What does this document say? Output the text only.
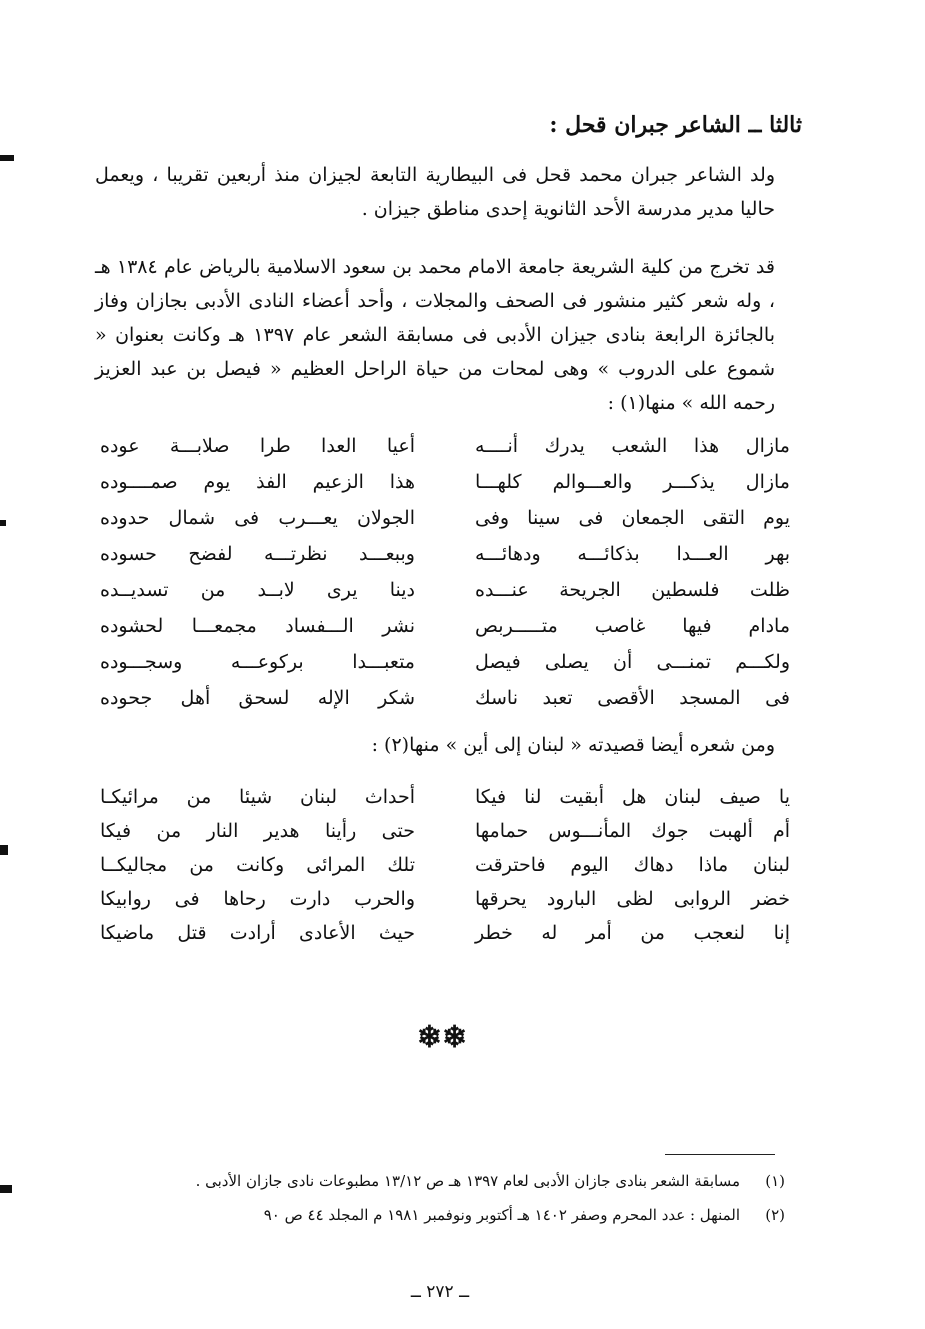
ثالثا ــ الشاعر جبران قحل :
ولد الشاعر جبران محمد قحل فى البيطارية التابعة لجيزان منذ أربعين تقريبا ، ويعمل حاليا مدير مدرسة الأحد الثانوية إحدى مناطق جيزان .
قد تخرج من كلية الشريعة جامعة الامام محمد بن سعود الاسلامية بالرياض عام ١٣٨٤ هـ ، وله شعر كثير منشور فى الصحف والمجلات ، وأحد أعضاء النادى الأدبى بجازان وفاز بالجائزة الرابعة بنادى جيزان الأدبى فى مسابقة الشعر عام ١٣٩٧ هـ وكانت بعنوان « شموع على الدروب » وهى لمحات من حياة الراحل العظيم « فيصل بن عبد العزيز رحمه الله » منها(١) :
مازال هذا الشعب يدرك أنــــه
أعيا العدا طرا صلابـــة عوده
مازال يذكـــر والعـــوالم كلهـــا
هذا الزعيم الفذ يوم صمــــوده
يوم التقى الجمعان فى سينا وفى
الجولان يعـــرب فى شمال حدوده
بهر العـــدا بذكائـــه ودهائـــه
وببعـــد نظرتـــه لفضح حسوده
ظلت فلسطين الجريحة عنـــده
دينا يرى لابــد من تسديــده
مادام فيها غاصب متـــــربص
نشر الـــفساد مجمعـــا لحشوده
ولكـــم تمنـــى أن يصلى فيصل
متعبـــدا بركوعـــه وسجـــوده
فى المسجد الأقصى تعبد ناسك
شكر الإله لسحق أهل جحوده
ومن شعره أيضا قصيدته « لبنان إلى أين » منها(٢) :
يا صيف لبنان هل أبقيت لنا فيكا
أحداث لبنان شيئا من مرائيكـا
أم ألهبت جوك المأنـــوس حمامها
حتى رأينا هدير النار من فيكا
لبنان ماذا دهاك اليوم فاحترقت
تلك المرائى وكانت من مجاليكــا
خضر الروابى لظى البارود يحرقها
والحرب دارت رحاها فى روابيكا
إنا لنعجب من أمر له خطر
حيث الأعادى أرادت قتل ماضيكا
❄❄
(١)
مسابقة الشعر بنادى جازان الأدبى لعام ١٣٩٧ هـ ص ١٣/١٢ مطبوعات نادى جازان الأدبى .
(٢)
المنهل : عدد المحرم وصفر ١٤٠٢ هـ أكتوبر ونوفمبر ١٩٨١ م المجلد ٤٤ ص ٩٠
ــ ٢٧٢ ــ
